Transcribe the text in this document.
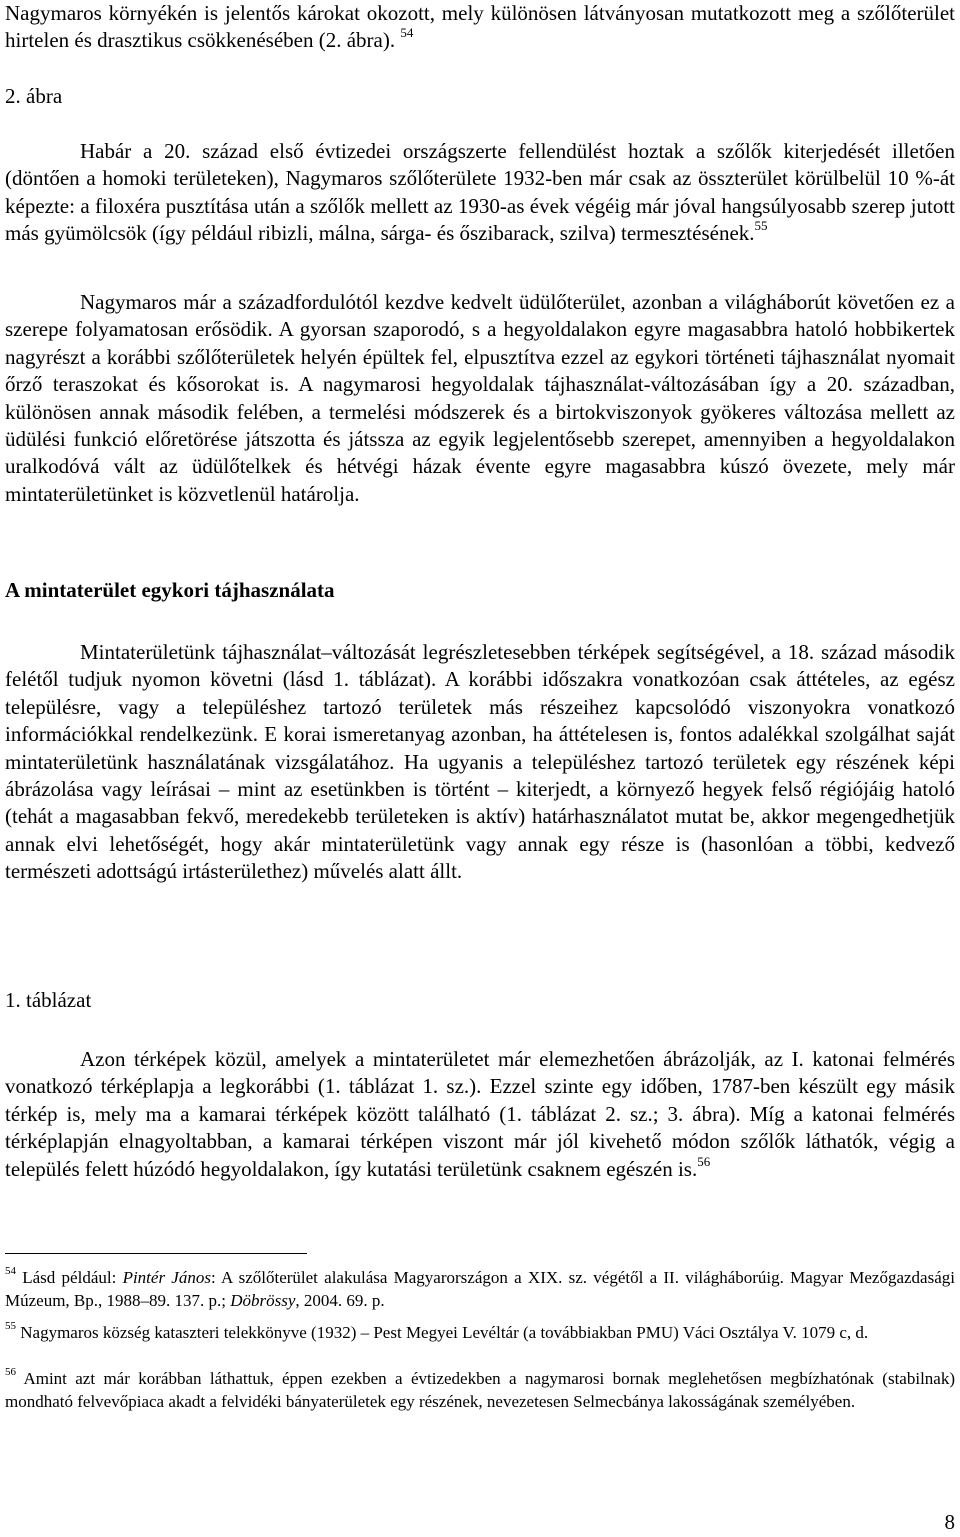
Nagymaros környékén is jelentős károkat okozott, mely különösen látványosan mutatkozott meg a szőlőterület hirtelen és drasztikus csökkenésében (2. ábra). $^{54}$

2. ábra

Habár a 20. század első évtizedei országszerte fellendülést hoztak a szőlők kiterjedését illetően (döntően a homoki területeken), Nagymaros szőlőterülete 1932-ben már csak az összterület körülbelül 10 %-át képezte: a filoxéra pusztítása után a szőlők mellett az 1930-as évek végéig már jóval hangsúlyosabb szerep jutott más gyümölcsök (így például ribizli, málna, sárga- és őszibarack, szilva) termesztésének.$^{55}$

Nagymaros már a századfordulótól kezdve kedvelt üdülőterület, azonban a világháborút követően ez a szerepe folyamatosan erősödik. A gyorsan szaporodó, s a hegyoldalakon egyre magasabbra hatoló hobbikertek nagyrészt a korábbi szőlőterületek helyén épültek fel, elpusztítva ezzel az egykori történeti tájhasználat nyomait őrző teraszokat és kősorokat is. A nagymarosi hegyoldalak tájhasználat-változásában így a 20. században, különösen annak második felében, a termelési módszerek és a birtokviszonyok gyökeres változása mellett az üdülési funkció előretörése játszotta és játssza az egyik legjelentősebb szerepet, amennyiben a hegyoldalakon uralkodóvá vált az üdülőtelkek és hétvégi házak évente egyre magasabbra kúszó övezete, mely már mintaterületünket is közvetlenül határolja.

A mintaterület egykori tájhasználata

Mintaterületünk tájhasználat‒változását legrészletesebben térképek segítségével, a 18. század második felétől tudjuk nyomon követni (lásd 1. táblázat). A korábbi időszakra vonatkozóan csak áttételes, az egész településre, vagy a településhez tartozó területek más részeihez kapcsolódó viszonyokra vonatkozó információkkal rendelkezünk. E korai ismeretanyag azonban, ha áttételesen is, fontos adalékkal szolgálhat saját mintaterületünk használatának vizsgálatához. Ha ugyanis a településhez tartozó területek egy részének képi ábrázolása vagy leírásai – mint az esetünkben is történt – kiterjedt, a környező hegyek felső régiójáig hatoló (tehát a magasabban fekvő, meredekebb területeken is aktív) határhasználatot mutat be, akkor megengedhetjük annak elvi lehetőségét, hogy akár mintaterületünk vagy annak egy része is (hasonlóan a többi, kedvező természeti adottságú irtásterülethez) művelés alatt állt.

1. táblázat

Azon térképek közül, amelyek a mintaterületet már elemezhetően ábrázolják, az I. katonai felmérés vonatkozó térképlapja a legkorábbi (1. táblázat 1. sz.). Ezzel szinte egy időben, 1787-ben készült egy másik térkép is, mely ma a kamarai térképek között található (1. táblázat 2. sz.; 3. ábra). Míg a katonai felmérés térképlapján elnagyoltabban, a kamarai térképen viszont már jól kivehető módon szőlők láthatók, végig a település felett húzódó hegyoldalakon, így kutatási területünk csaknem egészén is.$^{56}$

$^{54}$ Lásd például: Pintér János: A szőlőterület alakulása Magyarországon a XIX. sz. végétől a II. világháborúig. Magyar Mezőgazdasági Múzeum, Bp., 1988‒89. 137. p.; Döbrössy, 2004. 69. p.

$^{55}$ Nagymaros község kataszteri telekkönyve (1932) – Pest Megyei Levéltár (a továbbiakban PMU) Váci Osztálya V. 1079 c, d.

$^{56}$ Amint azt már korábban láthattuk, éppen ezekben a évtizedekben a nagymarosi bornak meglehetősen megbízhatónak (stabilnak) mondható felvevőpiaca akadt a felvidéki bányaterületek egy részének, nevezetesen Selmecbánya lakosságának személyében.

8
